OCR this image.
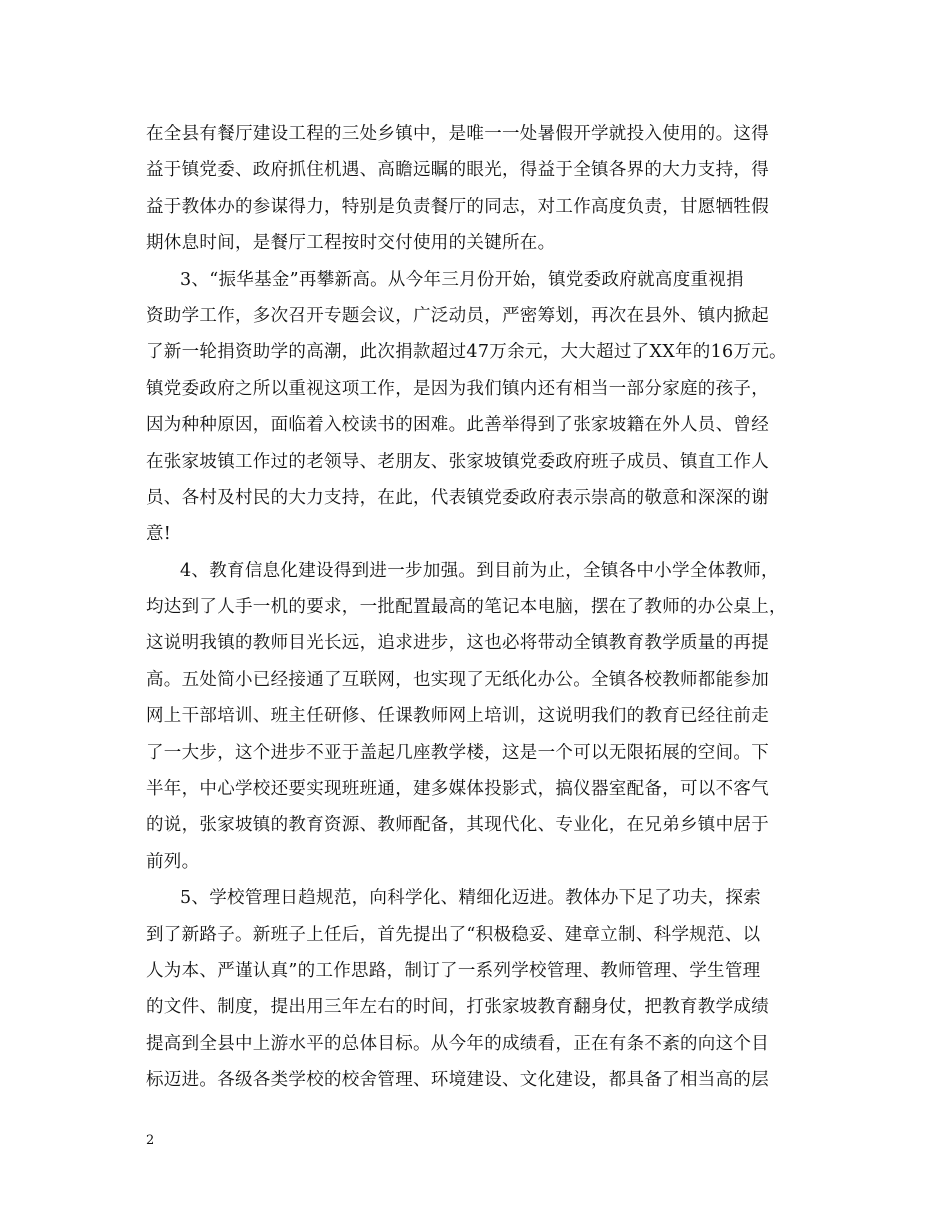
在全县有餐厅建设工程的三处乡镇中，是唯一一处暑假开学就投入使用的。这得
益于镇党委、政府抓住机遇、高瞻远瞩的眼光，得益于全镇各界的大力支持，得
益于教体办的参谋得力，特别是负责餐厅的同志，对工作高度负责，甘愿牺牲假
期休息时间，是餐厅工程按时交付使用的关键所在。
3、“振华基金”再攀新高。从今年三月份开始，镇党委政府就高度重视捐
资助学工作，多次召开专题会议，广泛动员，严密筹划，再次在县外、镇内掀起
了新一轮捐资助学的高潮，此次捐款超过47万余元，大大超过了XX年的16万元。
镇党委政府之所以重视这项工作，是因为我们镇内还有相当一部分家庭的孩子，
因为种种原因，面临着入校读书的困难。此善举得到了张家坡籍在外人员、曾经
在张家坡镇工作过的老领导、老朋友、张家坡镇党委政府班子成员、镇直工作人
员、各村及村民的大力支持，在此，代表镇党委政府表示崇高的敬意和深深的谢
意!
4、教育信息化建设得到进一步加强。到目前为止，全镇各中小学全体教师，
均达到了人手一机的要求，一批配置最高的笔记本电脑，摆在了教师的办公桌上，
这说明我镇的教师目光长远，追求进步，这也必将带动全镇教育教学质量的再提
高。五处简小已经接通了互联网，也实现了无纸化办公。全镇各校教师都能参加
网上干部培训、班主任研修、任课教师网上培训，这说明我们的教育已经往前走
了一大步，这个进步不亚于盖起几座教学楼，这是一个可以无限拓展的空间。下
半年，中心学校还要实现班班通，建多媒体投影式，搞仪器室配备，可以不客气
的说，张家坡镇的教育资源、教师配备，其现代化、专业化，在兄弟乡镇中居于
前列。
5、学校管理日趋规范，向科学化、精细化迈进。教体办下足了功夫，探索
到了新路子。新班子上任后，首先提出了“积极稳妥、建章立制、科学规范、以
人为本、严谨认真”的工作思路，制订了一系列学校管理、教师管理、学生管理
的文件、制度，提出用三年左右的时间，打张家坡教育翻身仗，把教育教学成绩
提高到全县中上游水平的总体目标。从今年的成绩看，正在有条不紊的向这个目
标迈进。各级各类学校的校舍管理、环境建设、文化建设，都具备了相当高的层
2
